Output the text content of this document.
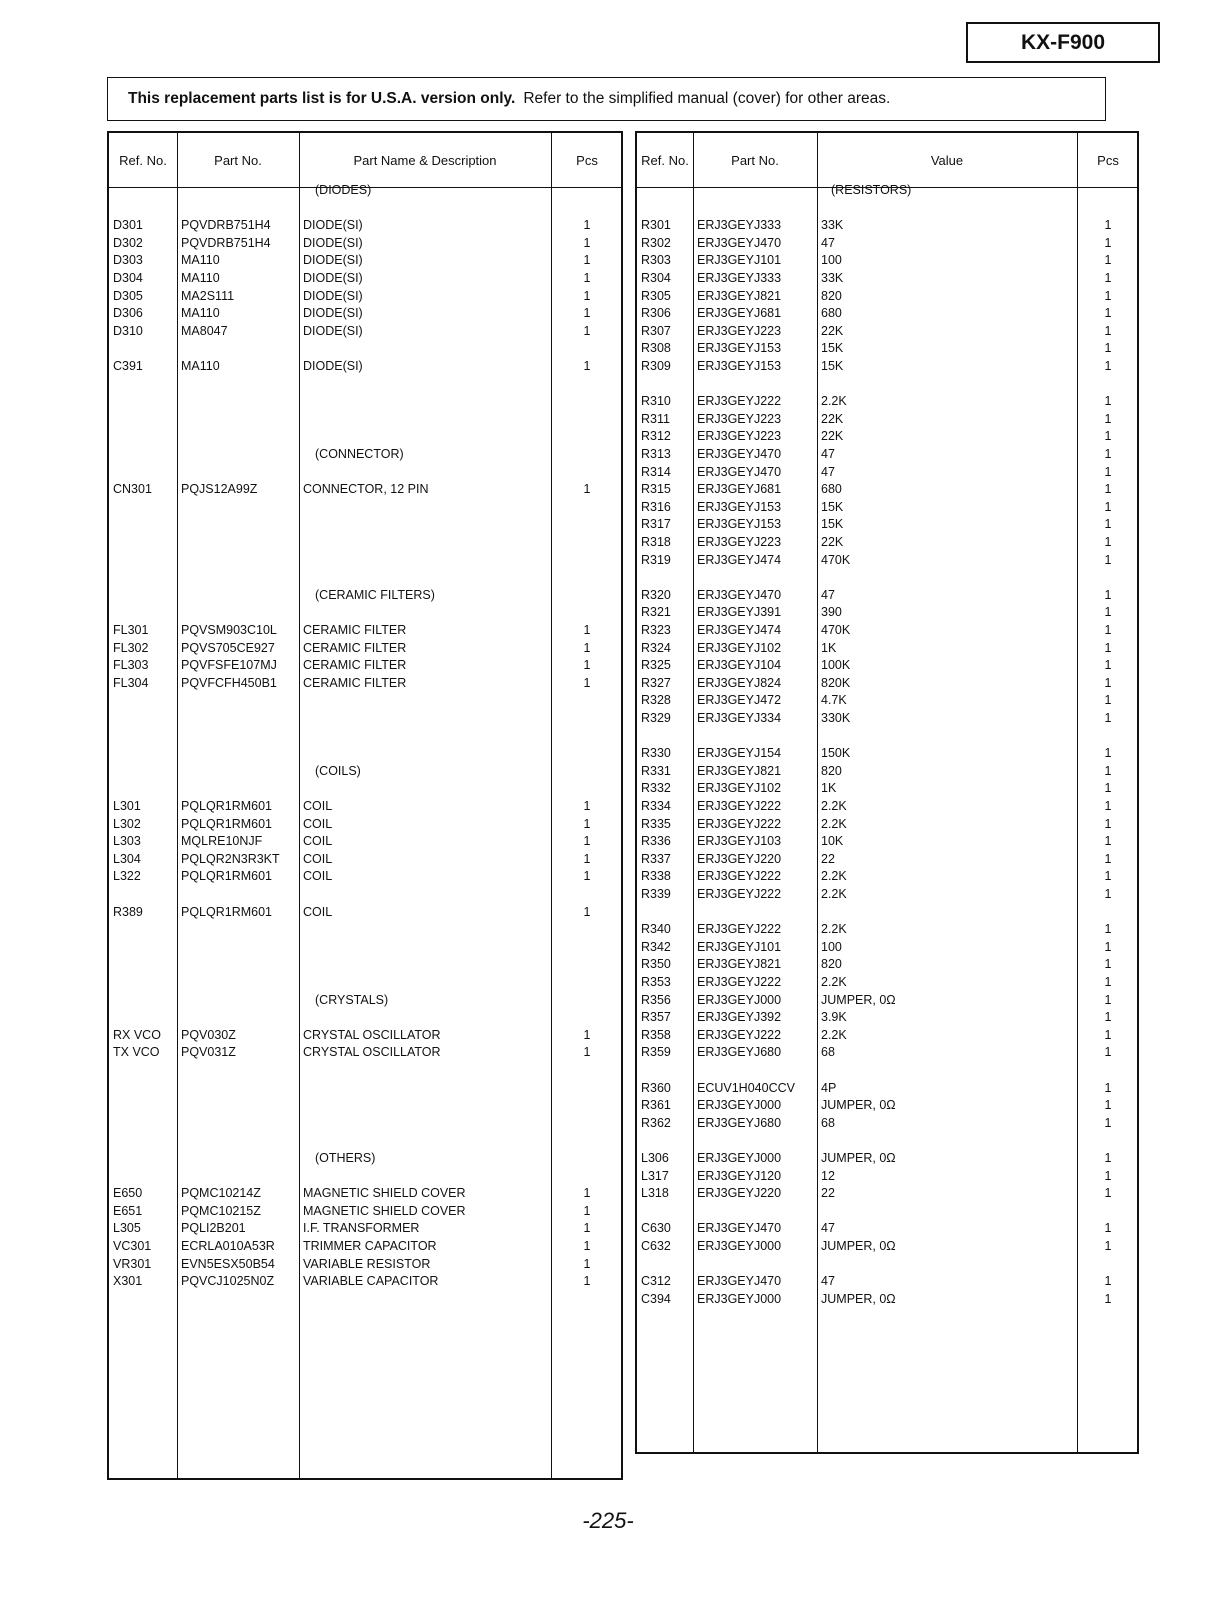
KX-F900
This replacement parts list is for U.S.A. version only. Refer to the simplified manual (cover) for other areas.
Ref. No.	Part No.	Part Name & Description	Pcs
(DIODES)
D301	PQVDRB751H4	DIODE(SI)	1
D302	PQVDRB751H4	DIODE(SI)	1
D303	MA110	DIODE(SI)	1
D304	MA110	DIODE(SI)	1
D305	MA2S111	DIODE(SI)	1
D306	MA110	DIODE(SI)	1
D310	MA8047	DIODE(SI)	1
C391	MA110	DIODE(SI)	1
(CONNECTOR)
CN301 PQJS12A99Z	CONNECTOR, 12 PIN	1
(CERAMIC FILTERS)
FL301	PQVSM903C10L CERAMIC FILTER	1
FL302	PQVS705CE927 CERAMIC FILTER	1
FL303	PQVFSFE107MJ CERAMIC FILTER	1
FL304	PQVFCFH450B1 CERAMIC FILTER	1
(COILS)
L301	PQLQR1RM601 COIL	1
L302	PQLQR1RM601 COIL	1
L303	MQLRE10NJF	COIL	1
L304	PQLQR2N3R3KT COIL	1
L322	PQLQR1RM601 COIL	1
R389	PQLQR1RM601 COIL	1
(CRYSTALS)
RX VCO PQV030Z	CRYSTAL OSCILLATOR	1
TX VCO PQV031Z	CRYSTAL OSCILLATOR	1
(OTHERS)
E650	PQMC10214Z	MAGNETIC SHIELD COVER	1
E651	PQMC10215Z	MAGNETIC SHIELD COVER	1
L305	PQLI2B201	I.F. TRANSFORMER	1
VC301 ECRLA010A53R TRIMMER CAPACITOR	1
VR301 EVN5ESX50B54 VARIABLE RESISTOR	1
X301	PQVCJ1025N0Z VARIABLE CAPACITOR	1
Ref. No.	Part No.	Value	Pcs
(RESISTORS)
R301 ERJ3GEYJ333	33K	1
R302 ERJ3GEYJ470	47	1
R303 ERJ3GEYJ101	100	1
R304 ERJ3GEYJ333	33K	1
R305 ERJ3GEYJ821	820	1
R306 ERJ3GEYJ681	680	1
R307 ERJ3GEYJ223	22K	1
R308 ERJ3GEYJ153	15K	1
R309 ERJ3GEYJ153	15K	1
R310 ERJ3GEYJ222	2.2K	1
R311 ERJ3GEYJ223	22K	1
R312 ERJ3GEYJ223	22K	1
R313 ERJ3GEYJ470	47	1
R314 ERJ3GEYJ470	47	1
R315 ERJ3GEYJ681	680	1
R316 ERJ3GEYJ153	15K	1
R317 ERJ3GEYJ153	15K	1
R318 ERJ3GEYJ223	22K	1
R319 ERJ3GEYJ474	470K	1
R320 ERJ3GEYJ470	47	1
R321 ERJ3GEYJ391	390	1
R323 ERJ3GEYJ474	470K	1
R324 ERJ3GEYJ102	1K	1
R325 ERJ3GEYJ104	100K	1
R327 ERJ3GEYJ824	820K	1
R328 ERJ3GEYJ472	4.7K	1
R329 ERJ3GEYJ334	330K	1
R330 ERJ3GEYJ154	150K	1
R331 ERJ3GEYJ821	820	1
R332 ERJ3GEYJ102	1K	1
R334 ERJ3GEYJ222	2.2K	1
R335 ERJ3GEYJ222	2.2K	1
R336 ERJ3GEYJ103	10K	1
R337 ERJ3GEYJ220	22	1
R338 ERJ3GEYJ222	2.2K	1
R339 ERJ3GEYJ222	2.2K	1
R340 ERJ3GEYJ222	2.2K	1
R342 ERJ3GEYJ101	100	1
R350 ERJ3GEYJ821	820	1
R353 ERJ3GEYJ222	2.2K	1
R356 ERJ3GEYJ000	JUMPER, 0Ω	1
R357 ERJ3GEYJ392	3.9K	1
R358 ERJ3GEYJ222	2.2K	1
R359 ERJ3GEYJ680	68	1
R360 ECUV1H040CCV 4P	1
R361 ERJ3GEYJ000	JUMPER, 0Ω	1
R362 ERJ3GEYJ680	68	1
L306 ERJ3GEYJ000	JUMPER, 0Ω	1
L317 ERJ3GEYJ120	12	1
L318 ERJ3GEYJ220	22	1
C630 ERJ3GEYJ470	47	1
C632 ERJ3GEYJ000	JUMPER, 0Ω	1
C312 ERJ3GEYJ470	47	1
C394 ERJ3GEYJ000	JUMPER, 0Ω	1
-225-
